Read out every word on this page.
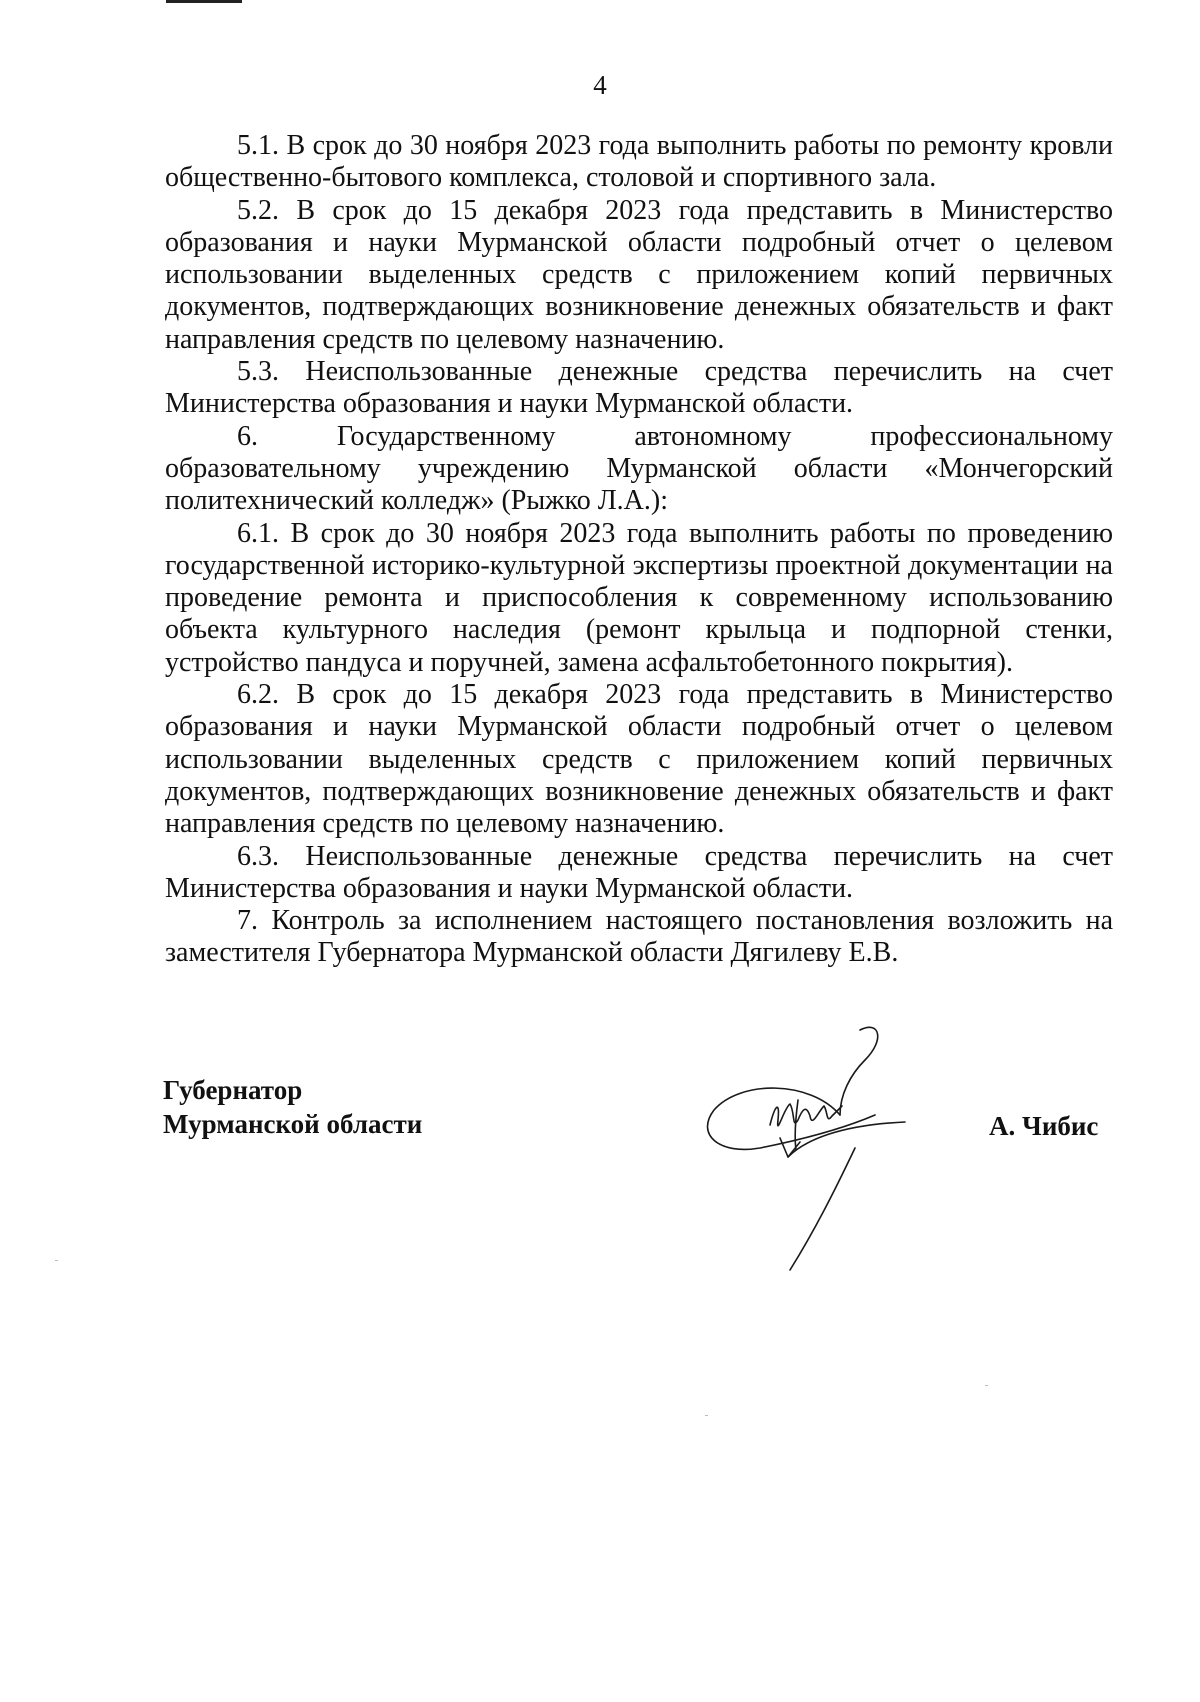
4

5.1. В срок до 30 ноября 2023 года выполнить работы по ремонту кровли общественно-бытового комплекса, столовой и спортивного зала.

5.2. В срок до 15 декабря 2023 года представить в Министерство образования и науки Мурманской области подробный отчет о целевом использовании выделенных средств с приложением копий первичных документов, подтверждающих возникновение денежных обязательств и факт направления средств по целевому назначению.

5.3. Неиспользованные денежные средства перечислить на счет Министерства образования и науки Мурманской области.

6. Государственному автономному профессиональному образовательному учреждению Мурманской области «Мончегорский политехнический колледж» (Рыжко Л.А.):

6.1. В срок до 30 ноября 2023 года выполнить работы по проведению государственной историко-культурной экспертизы проектной документации на проведение ремонта и приспособления к современному использованию объекта культурного наследия (ремонт крыльца и подпорной стенки, устройство пандуса и поручней, замена асфальтобетонного покрытия).

6.2. В срок до 15 декабря 2023 года представить в Министерство образования и науки Мурманской области подробный отчет о целевом использовании выделенных средств с приложением копий первичных документов, подтверждающих возникновение денежных обязательств и факт направления средств по целевому назначению.

6.3. Неиспользованные денежные средства перечислить на счет Министерства образования и науки Мурманской области.

7. Контроль за исполнением настоящего постановления возложить на заместителя Губернатора Мурманской области Дягилеву Е.В.

Губернатор
Мурманской области	А. Чибис
